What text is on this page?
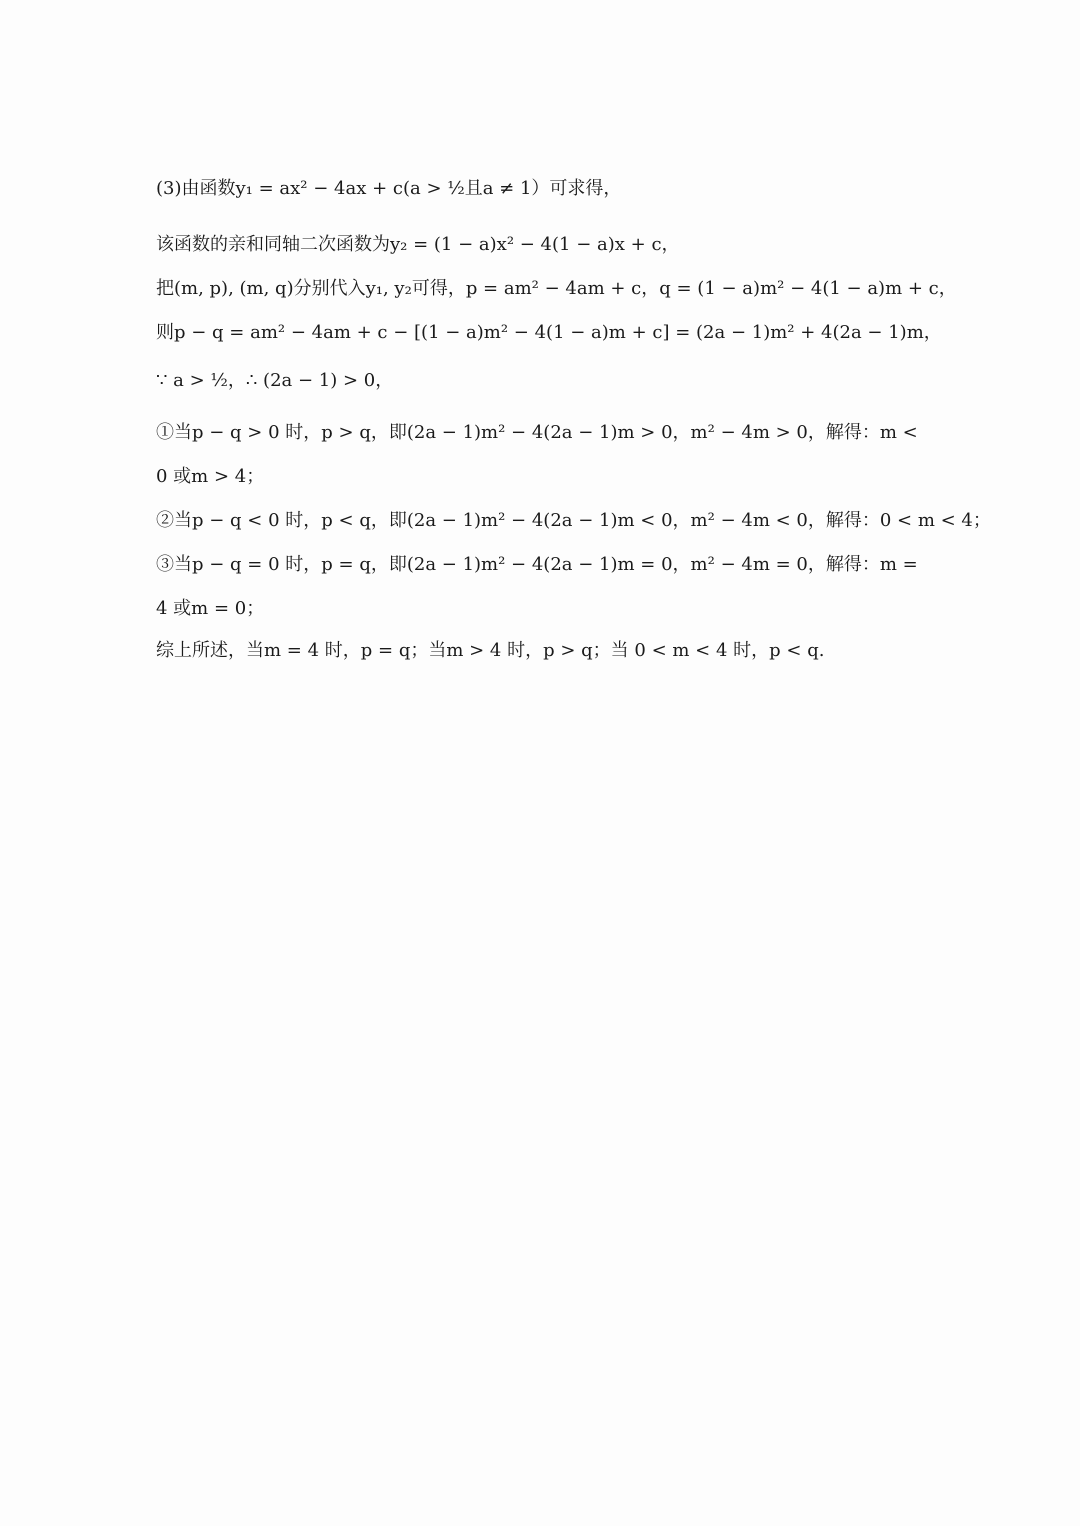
(3)由函数y₁ = ax² − 4ax + c(a > ½且a ≠ 1）可求得，
该函数的亲和同轴二次函数为y₂ = (1 − a)x² − 4(1 − a)x + c，
把(m, p), (m, q)分别代入y₁, y₂可得，p = am² − 4am + c，q = (1 − a)m² − 4(1 − a)m + c，
则p − q = am² − 4am + c − [(1 − a)m² − 4(1 − a)m + c] = (2a − 1)m² + 4(2a − 1)m，
∵ a > ½，∴ (2a − 1) > 0，
①当p − q > 0 时，p > q，即(2a − 1)m² − 4(2a − 1)m > 0，m² − 4m > 0，解得：m <
0 或m > 4；
②当p − q < 0 时，p < q，即(2a − 1)m² − 4(2a − 1)m < 0，m² − 4m < 0，解得：0 < m < 4；
③当p − q = 0 时，p = q，即(2a − 1)m² − 4(2a − 1)m = 0，m² − 4m = 0，解得：m =
4 或m = 0；
综上所述，当m = 4 时，p = q；当m > 4 时，p > q；当 0 < m < 4 时，p < q.
